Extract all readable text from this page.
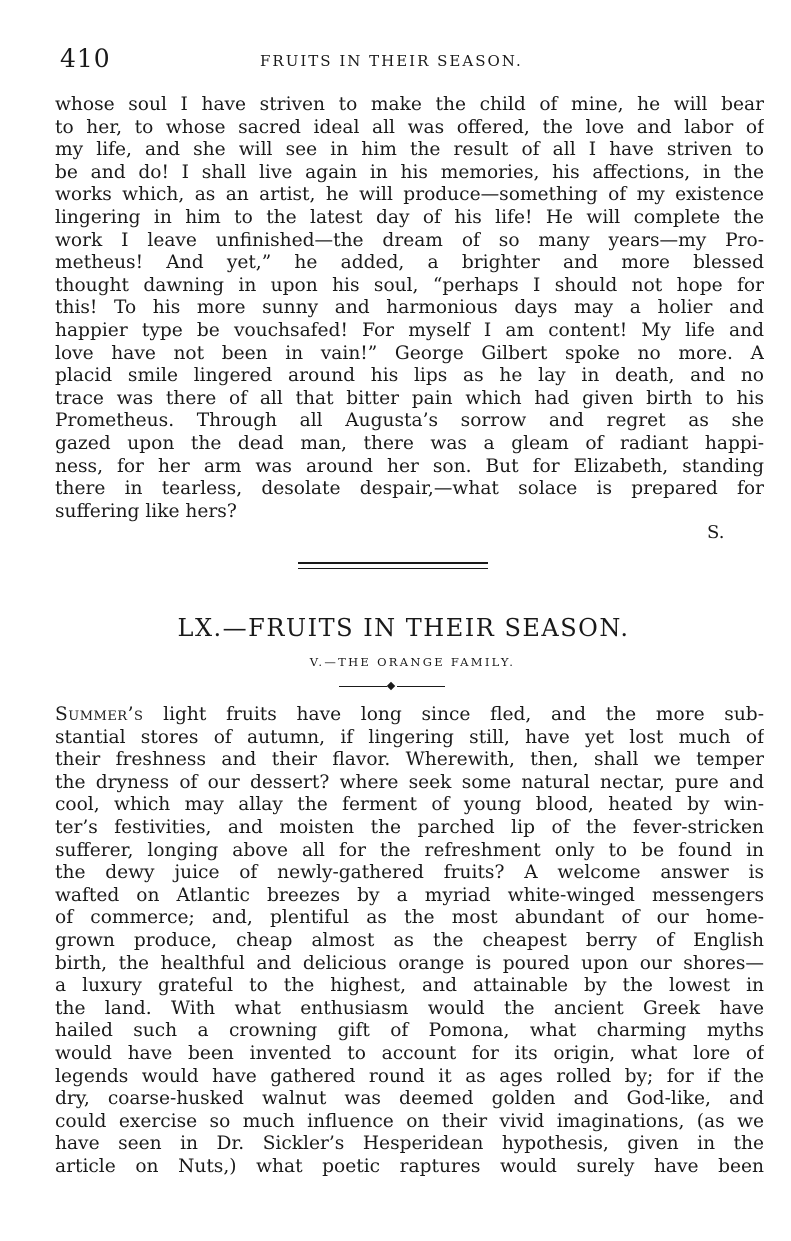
410	FRUITS IN THEIR SEASON.
whose soul I have striven to make the child of mine, he will bear
to her, to whose sacred ideal all was offered, the love and labor of
my life, and she will see in him the result of all I have striven to
be and do! I shall live again in his memories, his affections, in the
works which, as an artist, he will produce—something of my existence
lingering in him to the latest day of his life! He will complete the
work I leave unfinished—the dream of so many years—my Pro-
metheus! And yet,” he added, a brighter and more blessed
thought dawning in upon his soul, “perhaps I should not hope for
this! To his more sunny and harmonious days may a holier and
happier type be vouchsafed! For myself I am content! My life and
love have not been in vain!” George Gilbert spoke no more. A
placid smile lingered around his lips as he lay in death, and no
trace was there of all that bitter pain which had given birth to his
Prometheus. Through all Augusta’s sorrow and regret as she
gazed upon the dead man, there was a gleam of radiant happi-
ness, for her arm was around her son. But for Elizabeth, standing
there in tearless, desolate despair,—what solace is prepared for
suffering like hers?
S.
LX.—FRUITS IN THEIR SEASON.
V.—THE ORANGE FAMILY.
Summer’s light fruits have long since fled, and the more sub-
stantial stores of autumn, if lingering still, have yet lost much of
their freshness and their flavor. Wherewith, then, shall we temper
the dryness of our dessert? where seek some natural nectar, pure and
cool, which may allay the ferment of young blood, heated by win-
ter’s festivities, and moisten the parched lip of the fever-stricken
sufferer, longing above all for the refreshment only to be found in
the dewy juice of newly-gathered fruits? A welcome answer is
wafted on Atlantic breezes by a myriad white-winged messengers
of commerce; and, plentiful as the most abundant of our home-
grown produce, cheap almost as the cheapest berry of English
birth, the healthful and delicious orange is poured upon our shores—
a luxury grateful to the highest, and attainable by the lowest in
the land. With what enthusiasm would the ancient Greek have
hailed such a crowning gift of Pomona, what charming myths
would have been invented to account for its origin, what lore of
legends would have gathered round it as ages rolled by; for if the
dry, coarse-husked walnut was deemed golden and God-like, and
could exercise so much influence on their vivid imaginations, (as we
have seen in Dr. Sickler’s Hesperidean hypothesis, given in the
article on Nuts,) what poetic raptures would surely have been
